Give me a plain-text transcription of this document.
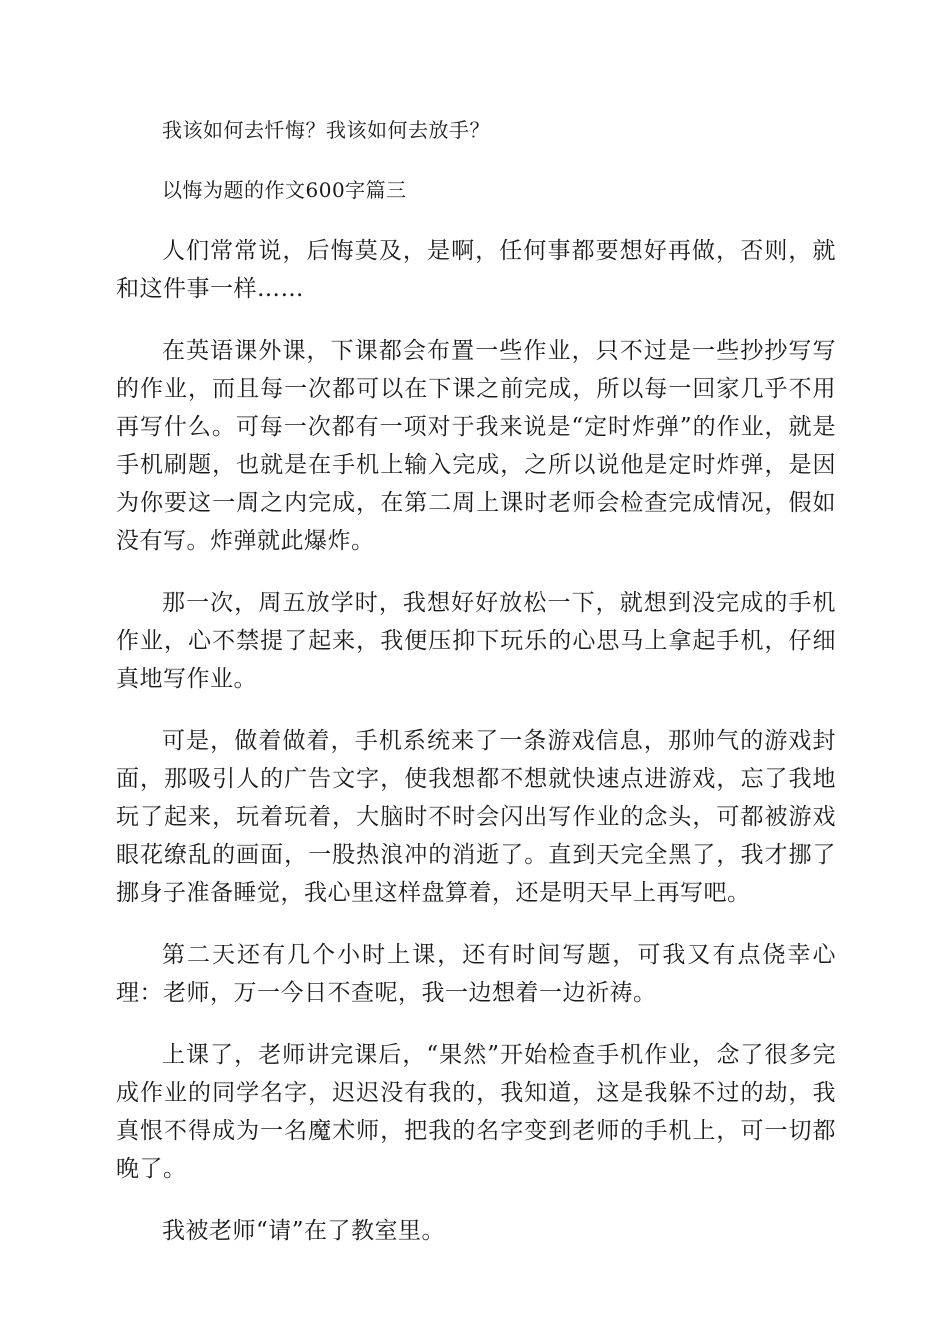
我该如何去忏悔？我该如何去放手？

以悔为题的作文600字篇三

人们常常说，后悔莫及，是啊，任何事都要想好再做，否则，就和这件事一样……

在英语课外课，下课都会布置一些作业，只不过是一些抄抄写写的作业，而且每一次都可以在下课之前完成，所以每一回家几乎不用再写什么。可每一次都有一项对于我来说是“定时炸弹”的作业，就是手机刷题，也就是在手机上输入完成，之所以说他是定时炸弹，是因为你要这一周之内完成，在第二周上课时老师会检查完成情况，假如没有写。炸弹就此爆炸。

那一次，周五放学时，我想好好放松一下，就想到没完成的手机作业，心不禁提了起来，我便压抑下玩乐的心思马上拿起手机，仔细真地写作业。

可是，做着做着，手机系统来了一条游戏信息，那帅气的游戏封面，那吸引人的广告文字，使我想都不想就快速点进游戏，忘了我地玩了起来，玩着玩着，大脑时不时会闪出写作业的念头，可都被游戏眼花缭乱的画面，一股热浪冲的消逝了。直到天完全黑了，我才挪了挪身子准备睡觉，我心里这样盘算着，还是明天早上再写吧。

第二天还有几个小时上课，还有时间写题，可我又有点侥幸心理：老师，万一今日不查呢，我一边想着一边祈祷。

上课了，老师讲完课后，“果然”开始检查手机作业，念了很多完成作业的同学名字，迟迟没有我的，我知道，这是我躲不过的劫，我真恨不得成为一名魔术师，把我的名字变到老师的手机上，可一切都晚了。

我被老师“请”在了教室里。
